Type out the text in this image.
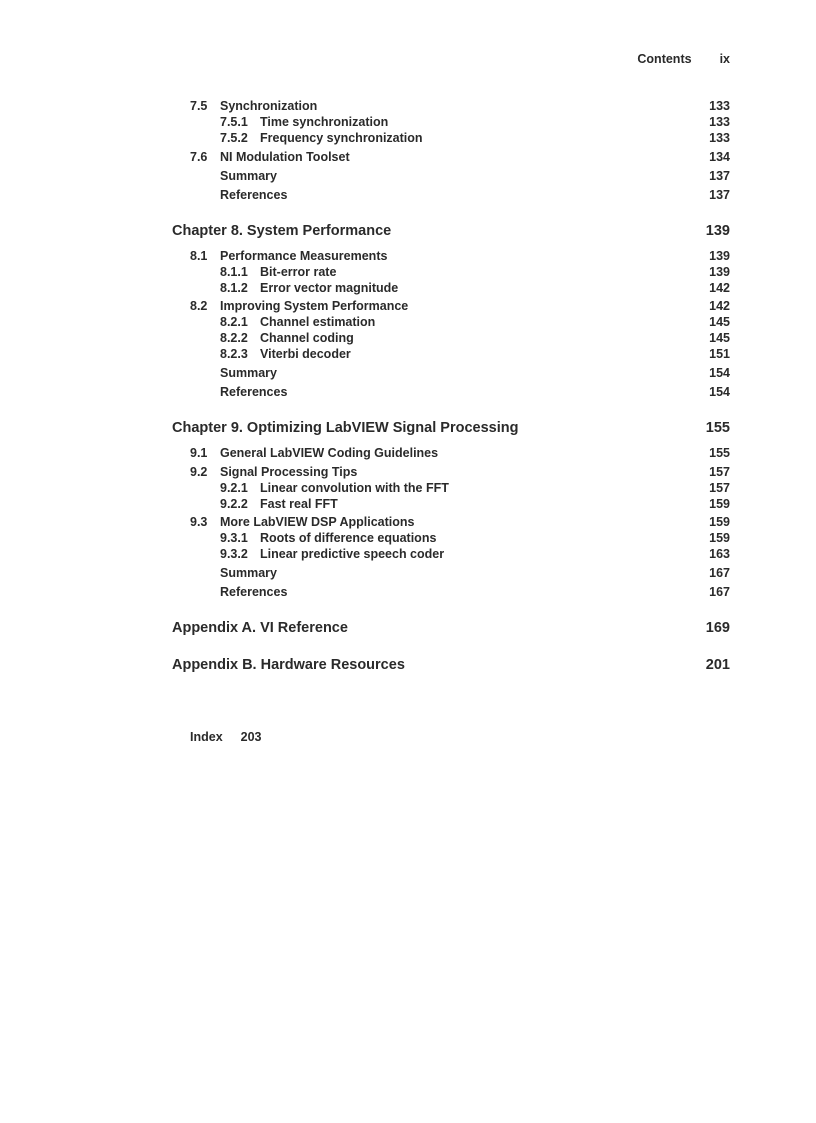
Contents ix
7.5	Synchronization	133
7.5.1 Time synchronization	133
7.5.2 Frequency synchronization	133
7.6	NI Modulation Toolset	134
Summary	137
References	137
Chapter 8. System Performance	139
8.1	Performance Measurements	139
8.1.1 Bit-error rate	139
8.1.2 Error vector magnitude	142
8.2	Improving System Performance	142
8.2.1 Channel estimation	145
8.2.2 Channel coding	145
8.2.3 Viterbi decoder	151
Summary	154
References	154
Chapter 9. Optimizing LabVIEW Signal Processing	155
9.1	General LabVIEW Coding Guidelines	155
9.2	Signal Processing Tips	157
9.2.1 Linear convolution with the FFT	157
9.2.2 Fast real FFT	159
9.3	More LabVIEW DSP Applications	159
9.3.1 Roots of difference equations	159
9.3.2 Linear predictive speech coder	163
Summary	167
References	167
Appendix A. VI Reference	169
Appendix B. Hardware Resources	201
Index 203
